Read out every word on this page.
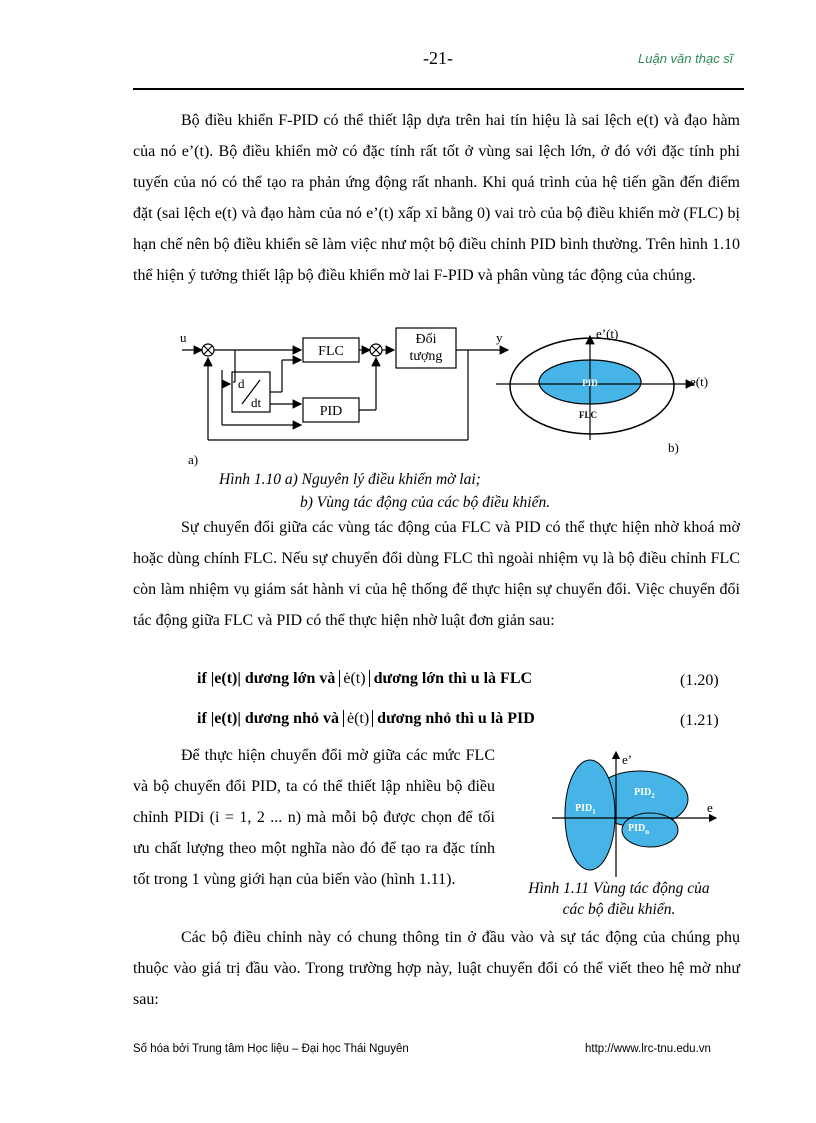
-21-	Luận văn thạc sĩ
Bộ điều khiển F-PID có thể thiết lập dựa trên hai tín hiệu là sai lệch e(t) và đạo hàm của nó e’(t). Bộ điều khiển mờ có đặc tính rất tốt ở vùng sai lệch lớn, ở đó với đặc tính phi tuyến của nó có thể tạo ra phản ứng động rất nhanh. Khi quá trình của hệ tiến gần đến điểm đặt (sai lệch e(t) và đạo hàm của nó e’(t) xấp xỉ bằng 0) vai trò của bộ điều khiển mờ (FLC) bị hạn chế nên bộ điều khiển sẽ làm việc như một bộ điều chỉnh PID bình thường. Trên hình 1.10 thể hiện ý tưởng thiết lập bộ điều khiển mờ lai F-PID và phân vùng tác động của chúng.
u	y
FLC
PID
Đối
tượng
d
dt
a)
e’(t)
e(t)
PID
FLC
b)
Hình 1.10 a) Nguyên lý điều khiển mờ lai;
b) Vùng tác động của các bộ điều khiển.
Sự chuyển đổi giữa các vùng tác động của FLC và PID có thể thực hiện nhờ khoá mờ hoặc dùng chính FLC. Nếu sự chuyển đổi dùng FLC thì ngoài nhiệm vụ là bộ điều chỉnh FLC còn làm nhiệm vụ giám sát hành vi của hệ thống để thực hiện sự chuyển đổi. Việc chuyển đổi tác động giữa FLC và PID có thể thực hiện nhờ luật đơn giản sau:
if |e(t)| dương lớn và ė(t) dương lớn thì u là FLC	(1.20)
if |e(t)| dương nhỏ và ė(t) dương nhỏ thì u là PID	(1.21)
Để thực hiện chuyển đổi mờ giữa các mức FLC và bộ chuyển đổi PID, ta có thể thiết lập nhiều bộ điều chỉnh PIDi (i = 1, 2 ... n) mà mỗi bộ được chọn để tối ưu chất lượng theo một nghĩa nào đó để tạo ra đặc tính tốt trong 1 vùng giới hạn của biến vào (hình 1.11).
e’
e
$PID_1$
$PID_2$
$PID_n$
Hình 1.11 Vùng tác động của các bộ điều khiển.
Các bộ điều chỉnh này có chung thông tin ở đầu vào và sự tác động của chúng phụ thuộc vào giá trị đầu vào. Trong trường hợp này, luật chuyển đổi có thể viết theo hệ mờ như sau:
Số hóa bởi Trung tâm Học liệu – Đại học Thái Nguyên	http://www.lrc-tnu.edu.vn
